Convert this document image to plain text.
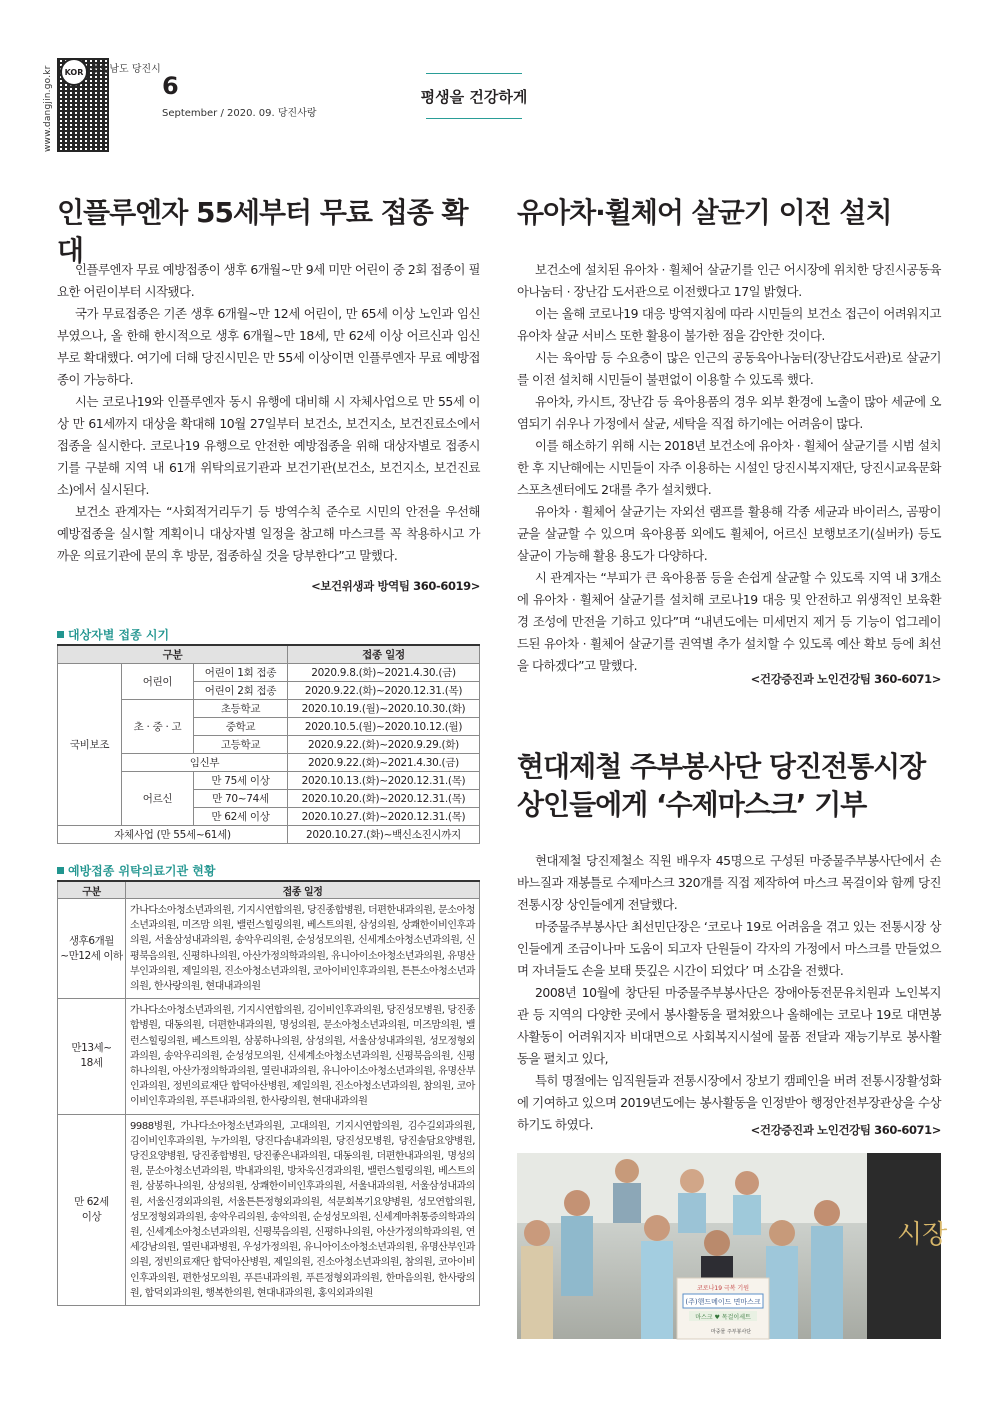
www.dangjin.go.kr	KOR 충청남도 당진시
6
September / 2020. 09. 당진사랑
평생을 건강하게
인플루엔자 55세부터 무료 접종 확대

인플루엔자 무료 예방접종이 생후 6개월~만 9세 미만 어린이 중 2회 접종이 필요한 어린이부터 시작됐다.

국가 무료접종은 기존 생후 6개월~만 12세 어린이, 만 65세 이상 노인과 임신부였으나, 올 한해 한시적으로 생후 6개월~만 18세, 만 62세 이상 어르신과 임신부로 확대했다. 여기에 더해 당진시민은 만 55세 이상이면 인플루엔자 무료 예방접종이 가능하다.

시는 코로나19와 인플루엔자 동시 유행에 대비해 시 자체사업으로 만 55세 이상 만 61세까지 대상을 확대해 10월 27일부터 보건소, 보건지소, 보건진료소에서 접종을 실시한다. 코로나19 유행으로 안전한 예방접종을 위해 대상자별로 접종시기를 구분해 지역 내 61개 위탁의료기관과 보건기관(보건소, 보건지소, 보건진료소)에서 실시된다.

보건소 관계자는 “사회적거리두기 등 방역수칙 준수로 시민의 안전을 우선해 예방접종을 실시할 계획이니 대상자별 일정을 참고해 마스크를 꼭 착용하시고 가까운 의료기관에 문의 후 방문, 접종하실 것을 당부한다”고 말했다.

<보건위생과 방역팀 360-6019>
대상자별 접종 시기
구분			접종 일정
국비보조	어린이	어린이 1회 접종	2020.9.8.(화)~2021.4.30.(금)
		어린이 2회 접종	2020.9.22.(화)~2020.12.31.(목)
	초 · 중 · 고	초등학교	2020.10.19.(월)~2020.10.30.(화)
		중학교	2020.10.5.(월)~2020.10.12.(월)
		고등학교	2020.9.22.(화)~2020.9.29.(화)
	임신부		2020.9.22.(화)~2021.4.30.(금)
	어르신	만 75세 이상	2020.10.13.(화)~2020.12.31.(목)
		만 70~74세	2020.10.20.(화)~2020.12.31.(목)
		만 62세 이상	2020.10.27.(화)~2020.12.31.(목)
자체사업 (만 55세~61세)			2020.10.27.(화)~백신소진시까지
예방접종 위탁의료기관 현황
구분	접종 일정
생후6개월
~만12세 이하	가나다소아청소년과의원, 기지시연합의원, 당진종합병원, 더편한내과의원, 문소아청소년과의원, 미즈맘 의원, 밸런스힐링의원, 베스트의원, 삼성의원, 상쾌한이비인후과의원, 서울삼성내과의원, 송악우리의원, 순성성모의원, 신세계소아청소년과의원, 신평북음의원, 신평하나의원, 아산가정의학과의원, 유니아이소아청소년과의원, 유명산부인과의원, 제일의원, 진소아청소년과의원, 코아이비인후과의원, 튼튼소아청소년과의원, 한사랑의원, 현대내과의원
만13세~
18세	가나다소아청소년과의원, 기지시연합의원, 김이비인후과의원, 당진성모병원, 당진종합병원, 대동의원, 더편한내과의원, 명성의원, 문소아청소년과의원, 미즈맘의원, 밸런스힐링의원, 베스트의원, 삼봉하나의원, 삼성의원, 서울삼성내과의원, 성모정형외과의원, 송악우리의원, 순성성모의원, 신세계소아청소년과의원, 신평북음의원, 신평하나의원, 아산가정의학과의원, 열린내과의원, 유니아이소아청소년과의원, 유명산부인과의원, 정빈의료재단 합덕아산병원, 제일의원, 진소아청소년과의원, 참의원, 코아이비인후과의원, 푸른내과의원, 한사랑의원, 현대내과의원
만 62세
이상	9988병원, 가나다소아청소년과의원, 고대의원, 기지시연합의원, 김수길외과의원, 김이비인후과의원, 누가의원, 당진다솜내과의원, 당진성모병원, 당진솔담요양병원, 당진요양병원, 당진종합병원, 당진좋은내과의원, 대동의원, 더편한내과의원, 명성의원, 문소아청소년과의원, 박내과의원, 방차욱신경과의원, 밸런스힐링의원, 베스트의원, 삼봉하나의원, 삼성의원, 상쾌한이비인후과의원, 서울내과의원, 서울삼성내과의원, 서울신경외과의원, 서울튼튼정형외과의원, 석문회복기요양병원, 성모연합의원, 성모정형외과의원, 송악우리의원, 송악의원, 순성성모의원, 신세계마취통증의학과의원, 신세계소아청소년과의원, 신평북음의원, 신평하나의원, 아산가정의학과의원, 연세강남의원, 열린내과병원, 우성가정의원, 유니아이소아청소년과의원, 유명산부인과의원, 정빈의료재단 합덕아산병원, 제일의원, 진소아청소년과의원, 참의원, 코아이비인후과의원, 편한성모의원, 푸른내과의원, 푸른정형외과의원, 한마음의원, 한사랑의원, 합덕외과의원, 행복한의원, 현대내과의원, 홍익외과의원
유아차·휠체어 살균기 이전 설치

보건소에 설치된 유아차 · 휠체어 살균기를 인근 어시장에 위치한 당진시공동육아나눔터 · 장난감 도서관으로 이전했다고 17일 밝혔다.

이는 올해 코로나19 대응 방역지침에 따라 시민들의 보건소 접근이 어려워지고 유아차 살균 서비스 또한 활용이 불가한 점을 감안한 것이다.

시는 육아맘 등 수요층이 많은 인근의 공동육아나눔터(장난감도서관)로 살균기를 이전 설치해 시민들이 불편없이 이용할 수 있도록 했다.

유아차, 카시트, 장난감 등 육아용품의 경우 외부 환경에 노출이 많아 세균에 오염되기 쉬우나 가정에서 살균, 세탁을 직접 하기에는 어려움이 많다.

이를 해소하기 위해 시는 2018년 보건소에 유아차 · 휠체어 살균기를 시범 설치한 후 지난해에는 시민들이 자주 이용하는 시설인 당진시복지재단, 당진시교육문화스포츠센터에도 2대를 추가 설치했다.

유아차 · 휠체어 살균기는 자외선 램프를 활용해 각종 세균과 바이러스, 곰팡이균을 살균할 수 있으며 육아용품 외에도 휠체어, 어르신 보행보조기(실버카) 등도 살균이 가능해 활용 용도가 다양하다.

시 관계자는 “부피가 큰 육아용품 등을 손쉽게 살균할 수 있도록 지역 내 3개소에 유아차 · 휠체어 살균기를 설치해 코로나19 대응 및 안전하고 위생적인 보육환경 조성에 만전을 기하고 있다”며 “내년도에는 미세먼지 제거 등 기능이 업그레이드된 유아차 · 휠체어 살균기를 권역별 추가 설치할 수 있도록 예산 확보 등에 최선을 다하겠다”고 말했다.

<건강증진과 노인건강팀 360-6071>
현대제철 주부봉사단 당진전통시장
상인들에게 ‘수제마스크’ 기부

현대제철 당진제철소 직원 배우자 45명으로 구성된 마중물주부봉사단에서 손바느질과 재봉틀로 수제마스크 320개를 직접 제작하여 마스크 목걸이와 함께 당진전통시장 상인들에게 전달했다.

마중물주부봉사단 최선민단장은 ‘코로나 19로 어려움을 겪고 있는 전통시장 상인들에게 조금이나마 도움이 되고자 단원들이 각자의 가정에서 마스크를 만들었으며 자녀들도 손을 보태 뜻깊은 시간이 되었다’ 며 소감을 전했다.

2008년 10월에 창단된 마중물주부봉사단은 장애아동전문유치원과 노인복지관 등 지역의 다양한 곳에서 봉사활동을 펼쳐왔으나 올해에는 코로나 19로 대면봉사활동이 어려워지자 비대면으로 사회복지시설에 물품 전달과 재능기부로 봉사활동을 펼치고 있다,

특히 명절에는 임직원들과 전통시장에서 장보기 캠페인을 버려 전통시장활성화에 기여하고 있으며 2019년도에는 봉사활동을 인정받아 행정안전부장관상을 수상하기도 하였다.	<건강증진과 노인건강팀 360-6071>
시장
코로나19 극복 기원
(주)핸드메이드 면마스크
마스크 ♥ 목걸이세트
마중물 주부봉사단
